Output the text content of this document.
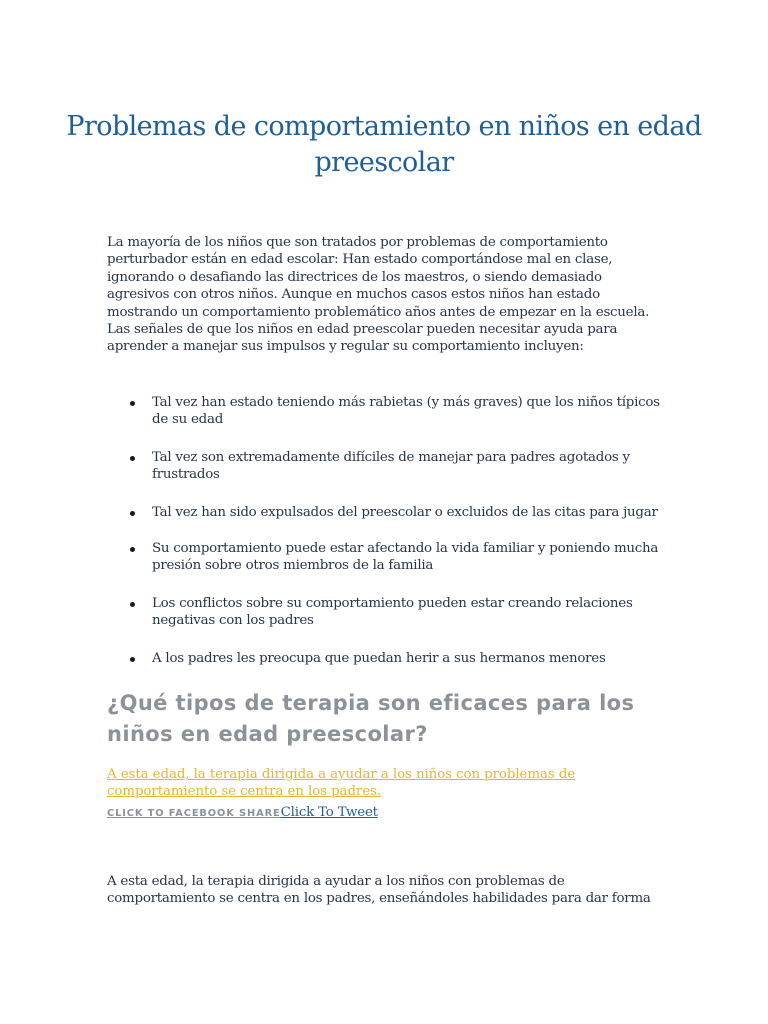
Problemas de comportamiento en niños en edad preescolar

La mayoría de los niños que son tratados por problemas de comportamiento perturbador están en edad escolar: Han estado comportándose mal en clase, ignorando o desafiando las directrices de los maestros, o siendo demasiado agresivos con otros niños. Aunque en muchos casos estos niños han estado mostrando un comportamiento problemático años antes de empezar en la escuela. Las señales de que los niños en edad preescolar pueden necesitar ayuda para aprender a manejar sus impulsos y regular su comportamiento incluyen:

Tal vez han estado teniendo más rabietas (y más graves) que los niños típicos de su edad
Tal vez son extremadamente difíciles de manejar para padres agotados y frustrados
Tal vez han sido expulsados del preescolar o excluidos de las citas para jugar
Su comportamiento puede estar afectando la vida familiar y poniendo mucha presión sobre otros miembros de la familia
Los conflictos sobre su comportamiento pueden estar creando relaciones negativas con los padres
A los padres les preocupa que puedan herir a sus hermanos menores
¿Qué tipos de terapia son eficaces para los niños en edad preescolar?
A esta edad, la terapia dirigida a ayudar a los niños con problemas de comportamiento se centra en los padres.
CLICK TO FACEBOOK SHAREClick To Tweet

A esta edad, la terapia dirigida a ayudar a los niños con problemas de comportamiento se centra en los padres, enseñándoles habilidades para dar forma
